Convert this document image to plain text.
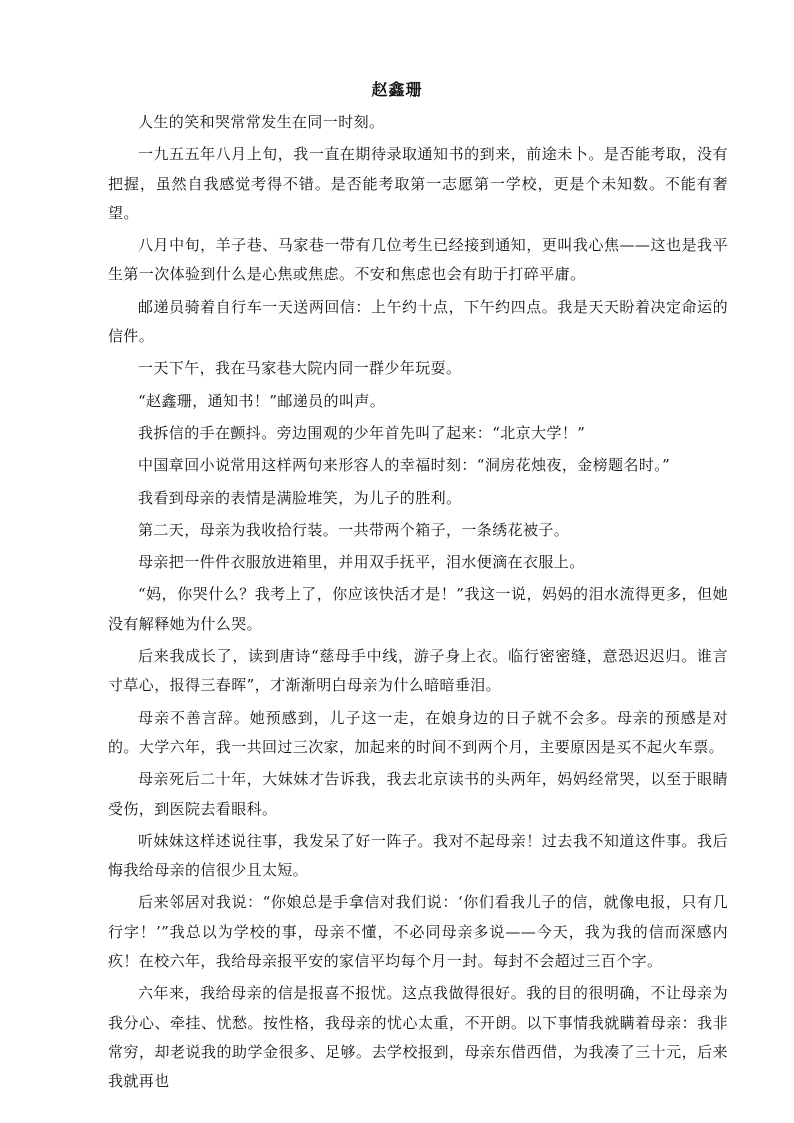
赵鑫珊

人生的笑和哭常常发生在同一时刻。

一九五五年八月上旬，我一直在期待录取通知书的到来，前途未卜。是否能考取，没有把握，虽然自我感觉考得不错。是否能考取第一志愿第一学校，更是个未知数。不能有奢望。

八月中旬，羊子巷、马家巷一带有几位考生已经接到通知，更叫我心焦——这也是我平生第一次体验到什么是心焦或焦虑。不安和焦虑也会有助于打碎平庸。

邮递员骑着自行车一天送两回信：上午约十点，下午约四点。我是天天盼着决定命运的信件。

一天下午，我在马家巷大院内同一群少年玩耍。

“赵鑫珊，通知书！”邮递员的叫声。

我拆信的手在颤抖。旁边围观的少年首先叫了起来：“北京大学！”

中国章回小说常用这样两句来形容人的幸福时刻：“洞房花烛夜，金榜题名时。”

我看到母亲的表情是满脸堆笑，为儿子的胜利。

第二天，母亲为我收拾行装。一共带两个箱子，一条绣花被子。

母亲把一件件衣服放进箱里，并用双手抚平，泪水便滴在衣服上。

“妈，你哭什么？我考上了，你应该快活才是！”我这一说，妈妈的泪水流得更多，但她没有解释她为什么哭。

后来我成长了，读到唐诗“慈母手中线，游子身上衣。临行密密缝，意恐迟迟归。谁言寸草心，报得三春晖”，才渐渐明白母亲为什么暗暗垂泪。

母亲不善言辞。她预感到，儿子这一走，在娘身边的日子就不会多。母亲的预感是对的。大学六年，我一共回过三次家，加起来的时间不到两个月，主要原因是买不起火车票。

母亲死后二十年，大妹妹才告诉我，我去北京读书的头两年，妈妈经常哭，以至于眼睛受伤，到医院去看眼科。

听妹妹这样述说往事，我发呆了好一阵子。我对不起母亲！过去我不知道这件事。我后悔我给母亲的信很少且太短。

后来邻居对我说：“你娘总是手拿信对我们说：‘你们看我儿子的信，就像电报，只有几行字！’”我总以为学校的事，母亲不懂，不必同母亲多说——今天，我为我的信而深感内疚！在校六年，我给母亲报平安的家信平均每个月一封。每封不会超过三百个字。

六年来，我给母亲的信是报喜不报忧。这点我做得很好。我的目的很明确，不让母亲为我分心、牵挂、忧愁。按性格，我母亲的忧心太重，不开朗。以下事情我就瞒着母亲：我非常穷，却老说我的助学金很多、足够。去学校报到，母亲东借西借，为我凑了三十元，后来我就再也
